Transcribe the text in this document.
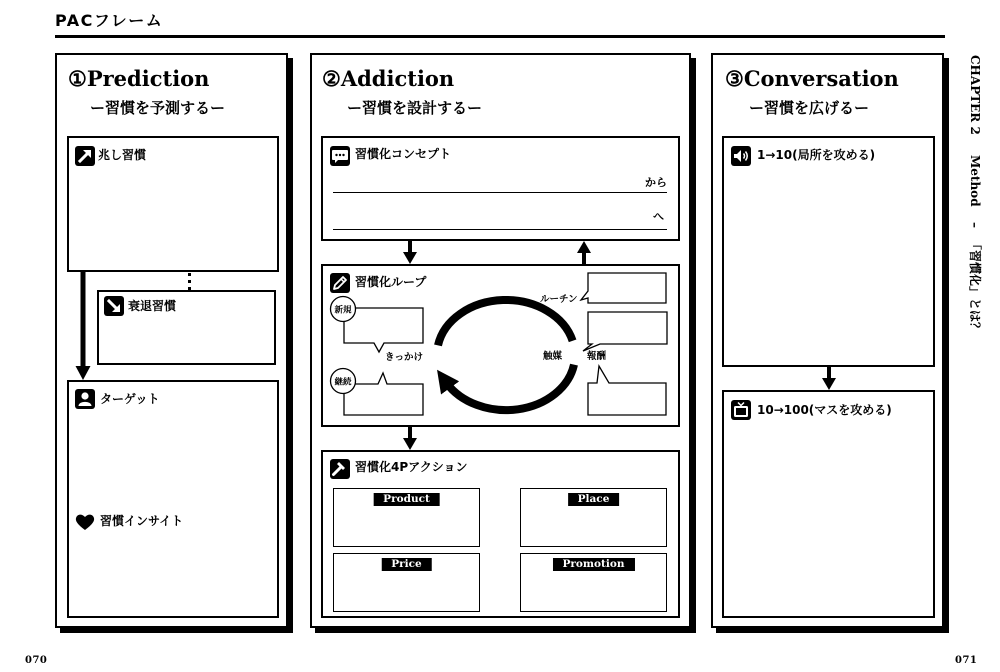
PACフレーム
CHAPTER 2
Method
–
「習慣化」とは？
070	071
①Prediction
ー習慣を予測するー
兆し習慣
衰退習慣
ターゲット
習慣インサイト
②Addiction
ー習慣を設計するー
習慣化コンセプト
から
へ
新規
継続
きっかけ
ルーチン
触媒	報酬
習慣化ループ
習慣化4Pアクション
Product	Place
Price	Promotion
③Conversation
ー習慣を広げるー
1→10(局所を攻める)
10→100(マスを攻める)
